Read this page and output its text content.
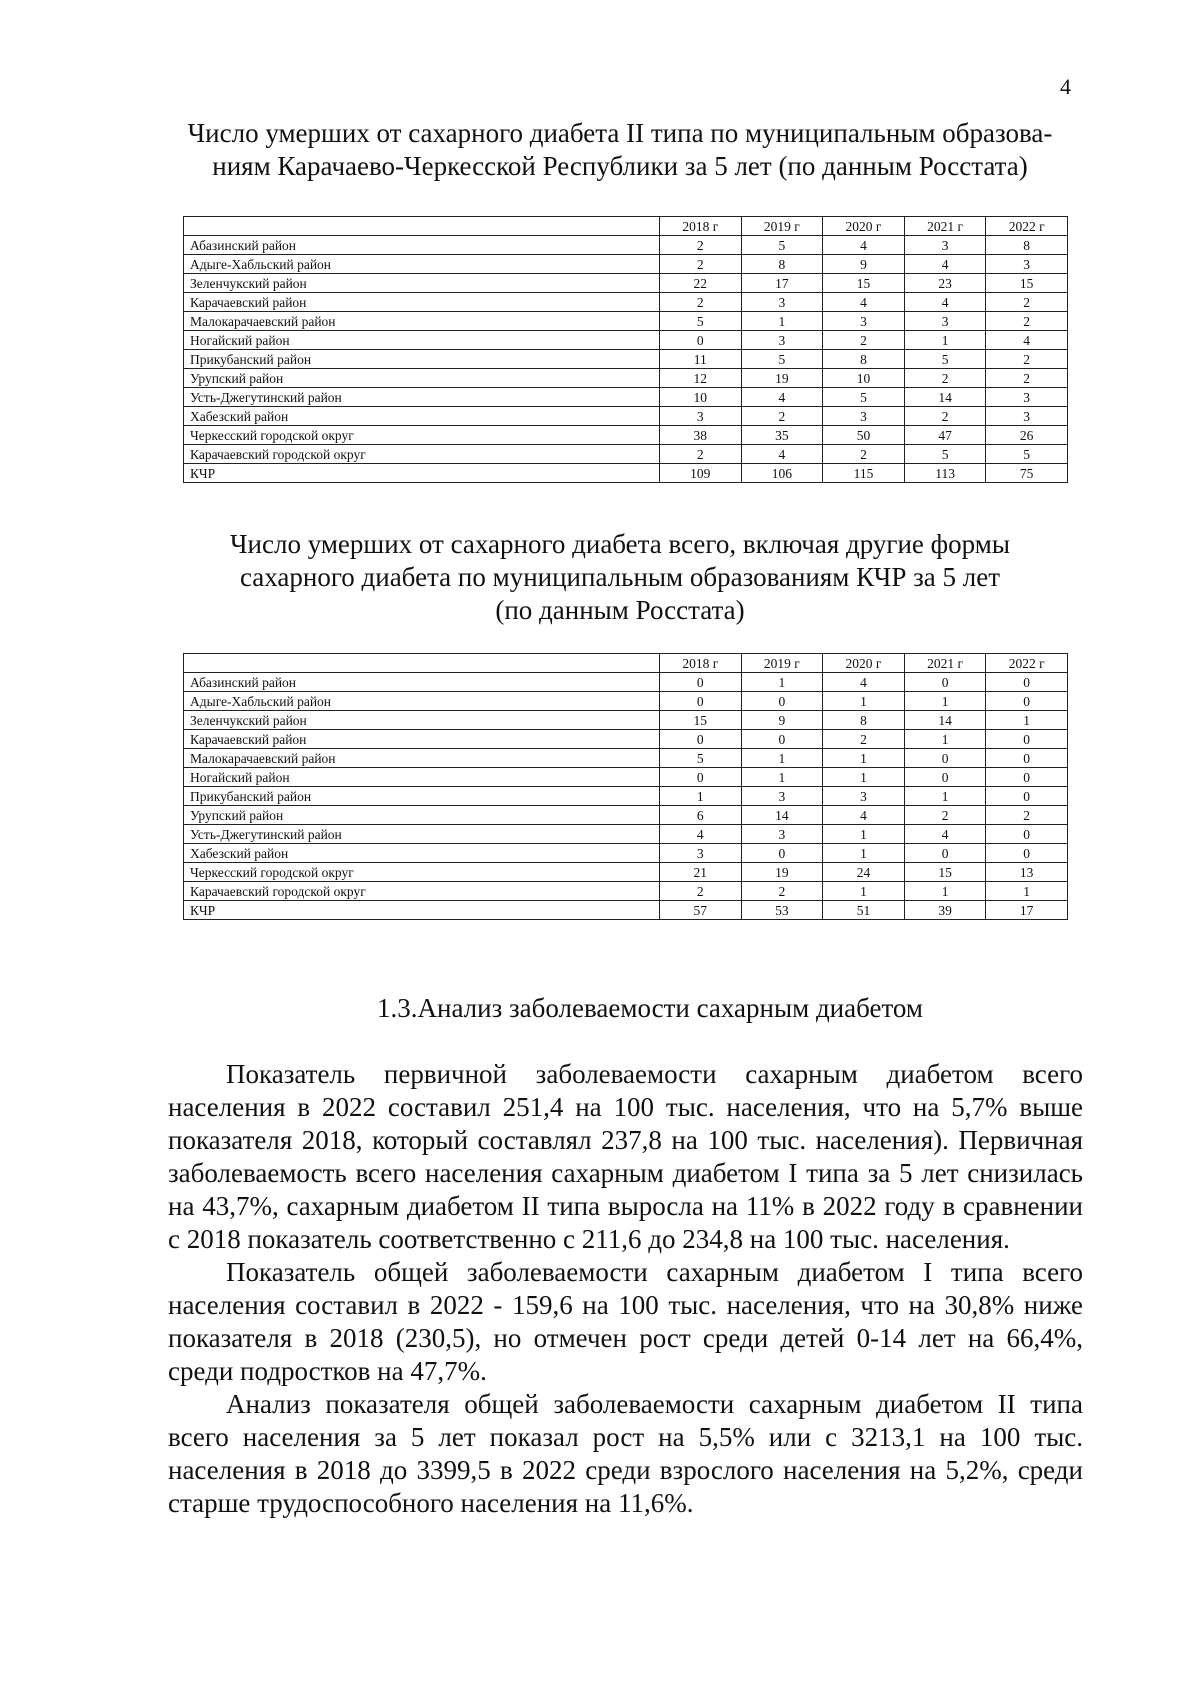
4
Число умерших от сахарного диабета II типа по муниципальным образова-
ниям Карачаево-Черкесской Республики за 5 лет (по данным Росстата)
	2018 г	2019 г	2020 г	2021 г	2022 г
Абазинский район	2	5	4	3	8
Адыге-Хабльский район	2	8	9	4	3
Зеленчукский район	22	17	15	23	15
Карачаевский район	2	3	4	4	2
Малокарачаевский район	5	1	3	3	2
Ногайский район	0	3	2	1	4
Прикубанский район	11	5	8	5	2
Урупский район	12	19	10	2	2
Усть-Джегутинский район	10	4	5	14	3
Хабезский район	3	2	3	2	3
Черкесский городской округ	38	35	50	47	26
Карачаевский городской округ	2	4	2	5	5
КЧР	109	106	115	113	75
Число умерших от сахарного диабета всего, включая другие формы
сахарного диабета по муниципальным образованиям КЧР за 5 лет
(по данным Росстата)
	2018 г	2019 г	2020 г	2021 г	2022 г
Абазинский район	0	1	4	0	0
Адыге-Хабльский район	0	0	1	1	0
Зеленчукский район	15	9	8	14	1
Карачаевский район	0	0	2	1	0
Малокарачаевский район	5	1	1	0	0
Ногайский район	0	1	1	0	0
Прикубанский район	1	3	3	1	0
Урупский район	6	14	4	2	2
Усть-Джегутинский район	4	3	1	4	0
Хабезский район	3	0	1	0	0
Черкесский городской округ	21	19	24	15	13
Карачаевский городской округ	2	2	1	1	1
КЧР	57	53	51	39	17
1.3.Анализ заболеваемости сахарным диабетом

Показатель первичной заболеваемости сахарным диабетом всего населения в 2022 составил 251,4 на 100 тыс. населения, что на 5,7% выше показателя 2018, который составлял 237,8 на 100 тыс. населения). Первичная заболеваемость всего населения сахарным диабетом I типа за 5 лет снизилась на 43,7%, сахарным диабетом II типа выросла на 11% в 2022 году в сравнении с 2018 показатель соответственно с 211,6 до 234,8 на 100 тыс. населения.

Показатель общей заболеваемости сахарным диабетом I типа всего населения составил в 2022 - 159,6 на 100 тыс. населения, что на 30,8% ниже показателя в 2018 (230,5), но отмечен рост среди детей 0-14 лет на 66,4%, среди подростков на 47,7%.

Анализ показателя общей заболеваемости сахарным диабетом II типа всего населения за 5 лет показал рост на 5,5% или с 3213,1 на 100 тыс. населения в 2018 до 3399,5 в 2022 среди взрослого населения на 5,2%, среди старше трудоспособного населения на 11,6%.
